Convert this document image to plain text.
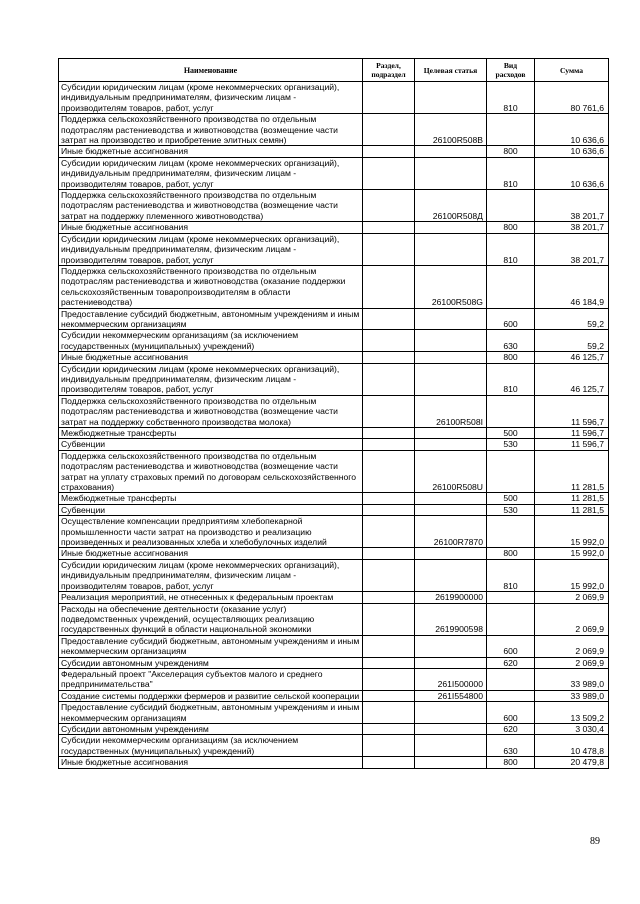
Наименование	Раздел, подраздел	Целевая статья	Вид расходов	Сумма
Субсидии юридическим лицам (кроме некоммерческих организаций), индивидуальным предпринимателям, физическим лицам - производителям товаров, работ, услуг			810	80 761,6
Поддержка сельскохозяйственного производства по отдельным подотраслям растениеводства и животноводства (возмещение части затрат на производство и приобретение элитных семян)		26100R508B		10 636,6
Иные бюджетные ассигнования			800	10 636,6
Субсидии юридическим лицам (кроме некоммерческих организаций), индивидуальным предпринимателям, физическим лицам - производителям товаров, работ, услуг			810	10 636,6
Поддержка сельскохозяйственного производства по отдельным подотраслям растениеводства и животноводства (возмещение части затрат на поддержку племенного животноводства)		26100R508Д		38 201,7
Иные бюджетные ассигнования			800	38 201,7
Субсидии юридическим лицам (кроме некоммерческих организаций), индивидуальным предпринимателям, физическим лицам - производителям товаров, работ, услуг			810	38 201,7
Поддержка сельскохозяйственного производства по отдельным подотраслям растениеводства и животноводства (оказание поддержки сельскохозяйственным товаропроизводителям в области растениеводства)		26100R508G		46 184,9
Предоставление субсидий бюджетным, автономным учреждениям и иным некоммерческим организациям			600	59,2
Субсидии некоммерческим организациям (за исключением государственных (муниципальных) учреждений)			630	59,2
Иные бюджетные ассигнования			800	46 125,7
Субсидии юридическим лицам (кроме некоммерческих организаций), индивидуальным предпринимателям, физическим лицам - производителям товаров, работ, услуг			810	46 125,7
Поддержка сельскохозяйственного производства по отдельным подотраслям растениеводства и животноводства (возмещение части затрат на поддержку собственного производства молока)		26100R508I		11 596,7
Межбюджетные трансферты			500	11 596,7
Субвенции			530	11 596,7
Поддержка сельскохозяйственного производства по отдельным подотраслям растениеводства и животноводства (возмещение части затрат на уплату страховых премий по договорам сельскохозяйственного страхования)		26100R508U		11 281,5
Межбюджетные трансферты			500	11 281,5
Субвенции			530	11 281,5
Осуществление компенсации предприятиям хлебопекарной промышленности части затрат на производство и реализацию произведенных и реализованных хлеба и хлебобулочных изделий		26100R7870		15 992,0
Иные бюджетные ассигнования			800	15 992,0
Субсидии юридическим лицам (кроме некоммерческих организаций), индивидуальным предпринимателям, физическим лицам - производителям товаров, работ, услуг			810	15 992,0
Реализация мероприятий, не отнесенных к федеральным проектам		2619900000		2 069,9
Расходы на обеспечение деятельности (оказание услуг) подведомственных учреждений, осуществляющих реализацию государственных функций в области национальной экономики		2619900598		2 069,9
Предоставление субсидий бюджетным, автономным учреждениям и иным некоммерческим организациям			600	2 069,9
Субсидии автономным учреждениям			620	2 069,9
Федеральный проект "Акселерация субъектов малого и среднего предпринимательства"		261I500000		33 989,0
Создание системы поддержки фермеров и развитие сельской кооперации		261I554800		33 989,0
Предоставление субсидий бюджетным, автономным учреждениям и иным некоммерческим организациям			600	13 509,2
Субсидии автономным учреждениям			620	3 030,4
Субсидии некоммерческим организациям (за исключением государственных (муниципальных) учреждений)			630	10 478,8
Иные бюджетные ассигнования			800	20 479,8
89
